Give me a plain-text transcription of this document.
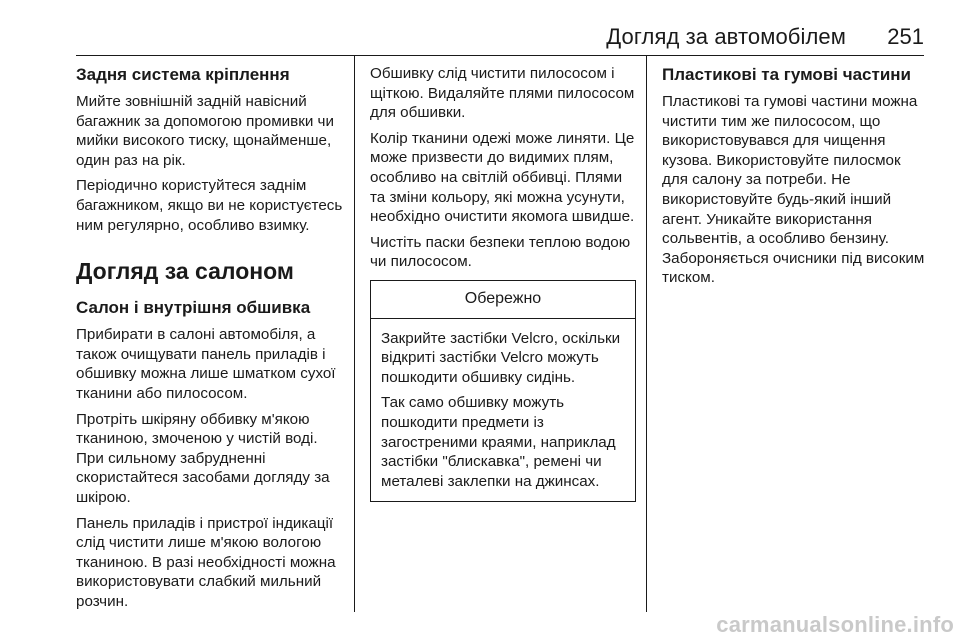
Догляд за автомобілем 251
Задня система кріплення

Мийте зовнішній задній навісний багажник за допомогою промивки чи мийки високого тиску, щонайменше, один раз на рік.

Періодично користуйтеся заднім багажником, якщо ви не користуєтесь ним регулярно, особливо взимку.

Догляд за салоном
Салон і внутрішня обшивка

Прибирати в салоні автомобіля, а також очищувати панель приладів і обшивку можна лише шматком сухої тканини або пилососом.

Протріть шкіряну оббивку м'якою тканиною, змоченою у чистій воді. При сильному забрудненні скористайтеся засобами догляду за шкірою.

Панель приладів і пристрої індикації слід чистити лише м'якою вологою тканиною. В разі необхідності можна використовувати слабкий мильний розчин.

Обшивку слід чистити пилососом і щіткою. Видаляйте плями пилососом для обшивки.

Колір тканини одежі може линяти. Це може призвести до видимих плям, особливо на світлій оббивці. Плями та зміни кольору, які можна усунути, необхідно очистити якомога швидше.

Чистіть паски безпеки теплою водою чи пилососом.

Обережно

Закрийте застібки Velcro, оскільки відкриті застібки Velcro можуть пошкодити обшивку сидінь.

Так само обшивку можуть пошкодити предмети із загостреними краями, наприклад застібки "блискавка", ремені чи металеві заклепки на джинсах.

Пластикові та гумові частини

Пластикові та гумові частини можна чистити тим же пилососом, що використовувався для чищення кузова. Використовуйте пилосмок для салону за потреби. Не використовуйте будь-який інший агент. Уникайте використання сольвентів, а особливо бензину. Забороняється очисники під високим тиском.

carmanualsonline.info
